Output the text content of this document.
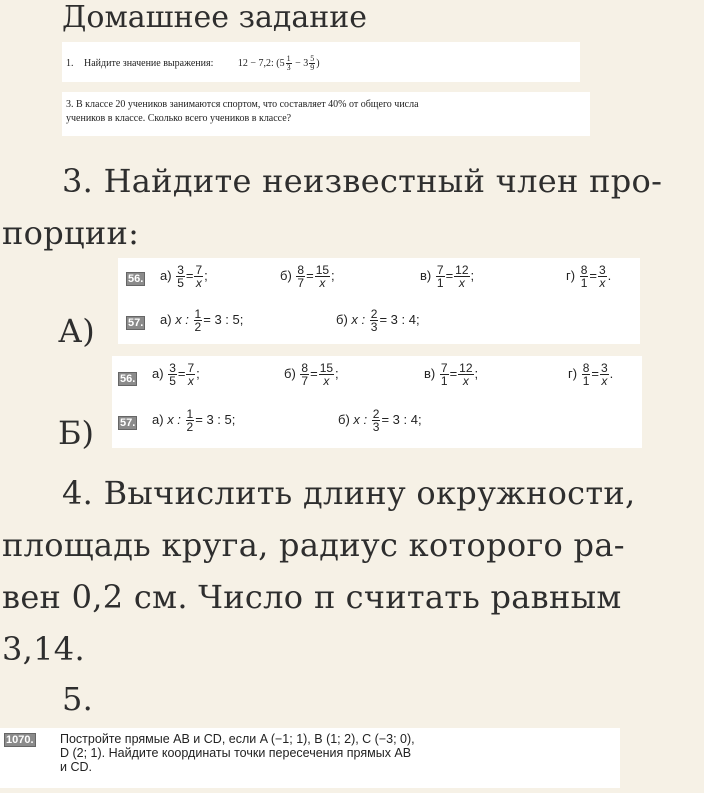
Домашнее задание
1. Найдите значение выражения: 12 − 7,2: ($5 \frac{1}{3} - 3 \frac{5}{9}$ )
3. В классе 20 учеников занимаются спортом, что составляет 40% от общего числа
учеников в классе. Сколько всего учеников в классе?
3. Найдите неизвестный член про-
порции:
А)
56. $а) \frac{3}{5} = \frac{7}{x}$ ;	$б) \frac{8}{7} = \frac{15}{x}$ ;	$в) \frac{7}{1} = \frac{12}{x}$ ;	$г) \frac{8}{1} = \frac{3}{x}$ .
57. а) x : $\frac{1}{2} = 3$ : 5;	б) x : $\frac{2}{3} = 3$ : 4;
Б)
56. $а) \frac{3}{5} = \frac{7}{x}$ ;	$б) \frac{8}{7} = \frac{15}{x}$ ;	$в) \frac{7}{1} = \frac{12}{x}$ ;	$г) \frac{8}{1} = \frac{3}{x}$ .
57. а) x : $\frac{1}{2} = 3$ : 5;	б) x : $\frac{2}{3} = 3$ : 4;
4. Вычислить длину окружности,
площадь круга, радиус которого ра-
вен 0,2 см. Число π считать равным
3,14.
5.
1070. Постройте прямые AB и CD, если A (−1; 1), B (1; 2), C (−3; 0),
D (2; 1). Найдите координаты точки пересечения прямых AB
и CD.
